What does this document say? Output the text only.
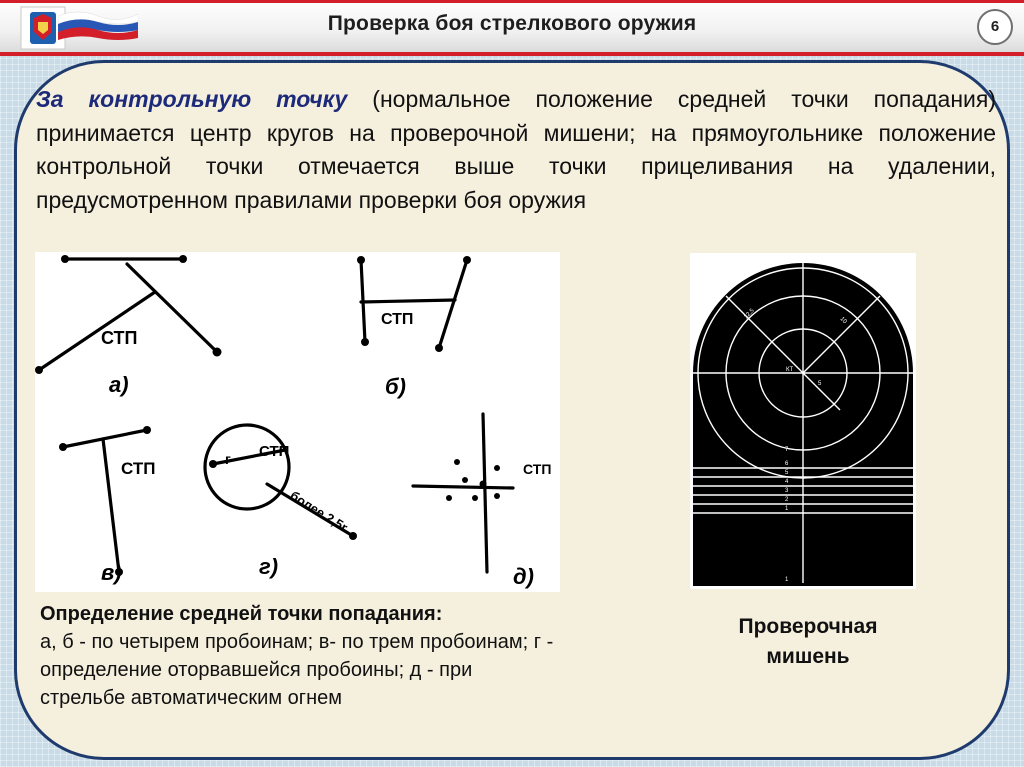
Проверка боя стрелкового оружия	6
За контрольную точку (нормальное положение средней точки попадания) принимается центр кругов на проверочной мишени; на прямоугольнике положение контрольной точки отмечается выше точки прицеливания на удалении, предусмотренном правилами проверки боя оружия
СТП
а)
СТП
б)
СТП
в)
г СТП
более 2,5r
г)
СТП
д)
КТ
12,5
10
5
7
6
5
4
3
2
1
1
Определение средней точки попадания:
а, б - по четырем пробоинам; в- по трем пробоинам; г - определение оторвавшейся пробоины; д - при стрельбе автоматическим огнем
Проверочная
мишень
